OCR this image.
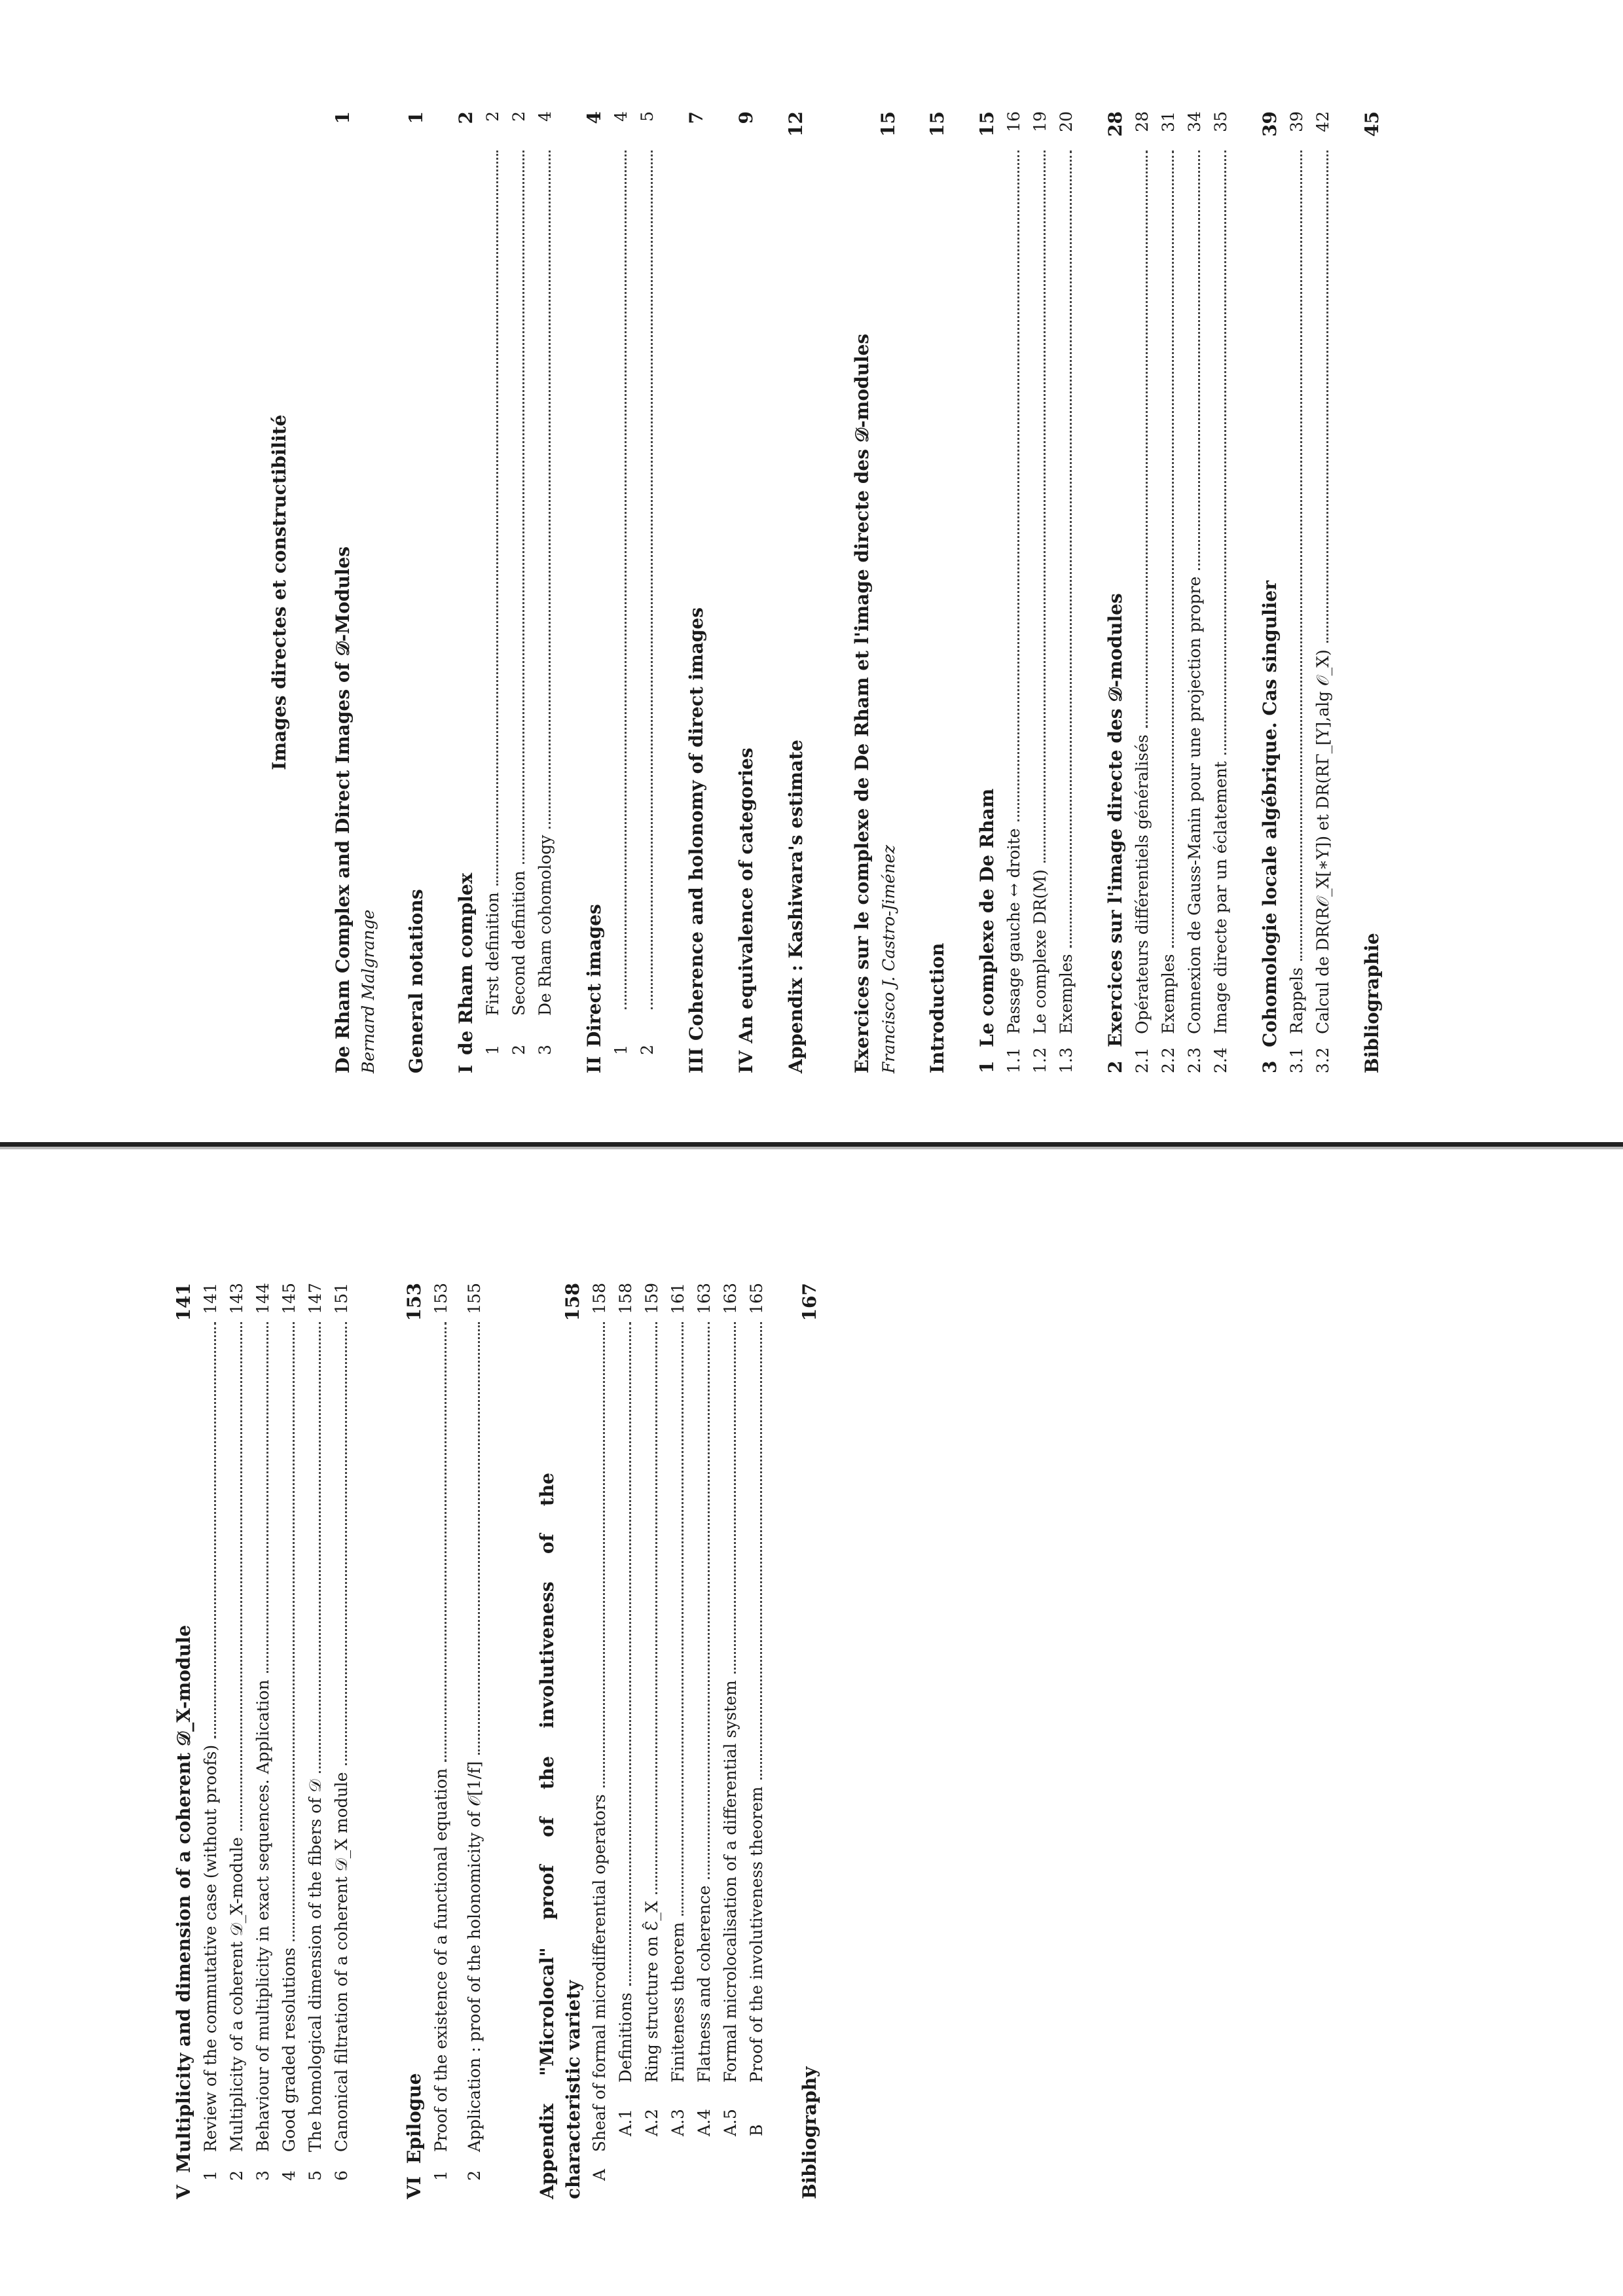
Images directes et constructibilité De Rham Complex and Direct Images of 𝒟-Modules
1
Bernard Malgrange General notations
1
I
de Rham complex
2
1
First definition
2
2
Second definition
2
3
De Rham cohomology
4
II
Direct images
4
1
4
2
5
III
Coherence and holonomy of direct images
7
IV
An equivalence of categories
9
Appendix : Kashiwara's estimate
12
Exercices sur le complexe de De Rham et l'image directe des 𝒟-modules Francisco J. Castro-Jiménez
15
Introduction
15
1
Le complexe de De Rham
15
1.1
Passage gauche ↔ droite
16
1.2
Le complexe DR(M)
19
1.3
Exemples
20
2
Exercices sur l'image directe des 𝒟-modules
28
2.1
Opérateurs différentiels généralisés
28
2.2
Exemples
31
2.3
Connexion de Gauss-Manin pour une projection propre
34
2.4
Image directe par un éclatement
35
3
Cohomologie locale algébrique. Cas singulier
39
3.1
Rappels
39
3.2
Calcul de DR(R𝒪_X[∗Y]) et DR(RΓ_[Y],alg 𝒪_X)
42
Bibliographie
45
V
Multiplicity and dimension of a coherent 𝒟_X-module
141
1
Review of the commutative case (without proofs)
141
2
Multiplicity of a coherent 𝒟_X-module
143
3
Behaviour of multiplicity in exact sequences. Application
144
4
Good graded resolutions
145
5
The homological dimension of the fibers of 𝒟
147
6
Canonical filtration of a coherent 𝒟_X module
151
VI
Epilogue
153
1
Proof of the existence of a functional equation
153
2
Application : proof of the holonomicity of 𝒪[1/f]
155
Appendix "Microlocal" proof of the involutiveness of the characteristic variety
158
A
Sheaf of formal microdifferential operators
158
A.1
Definitions
158
A.2
Ring structure on Ɛ̂_X
159
A.3
Finiteness theorem
161
A.4
Flatness and coherence
163
A.5
Formal microlocalisation of a differential system
163
B
Proof of the involutiveness theorem
165
Bibliography
167
